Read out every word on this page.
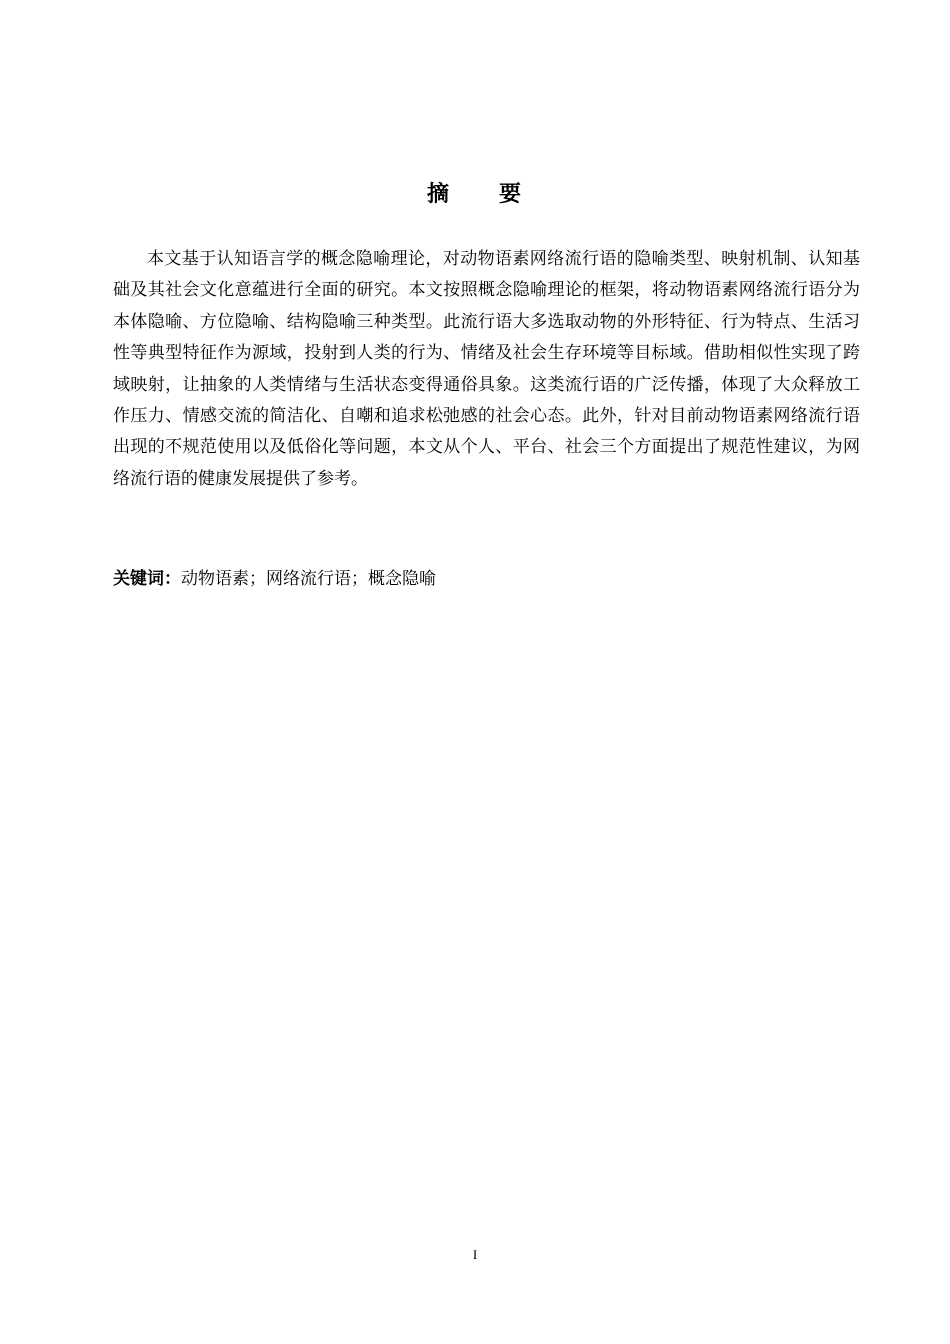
摘　　要

本文基于认知语言学的概念隐喻理论，对动物语素网络流行语的隐喻类型、映射机制、认知基础及其社会文化意蕴进行全面的研究。本文按照概念隐喻理论的框架，将动物语素网络流行语分为本体隐喻、方位隐喻、结构隐喻三种类型。此流行语大多选取动物的外形特征、行为特点、生活习性等典型特征作为源域，投射到人类的行为、情绪及社会生存环境等目标域。借助相似性实现了跨域映射，让抽象的人类情绪与生活状态变得通俗具象。这类流行语的广泛传播，体现了大众释放工作压力、情感交流的简洁化、自嘲和追求松弛感的社会心态。此外，针对目前动物语素网络流行语出现的不规范使用以及低俗化等问题，本文从个人、平台、社会三个方面提出了规范性建议，为网络流行语的健康发展提供了参考。

关键词：动物语素；网络流行语；概念隐喻
I
